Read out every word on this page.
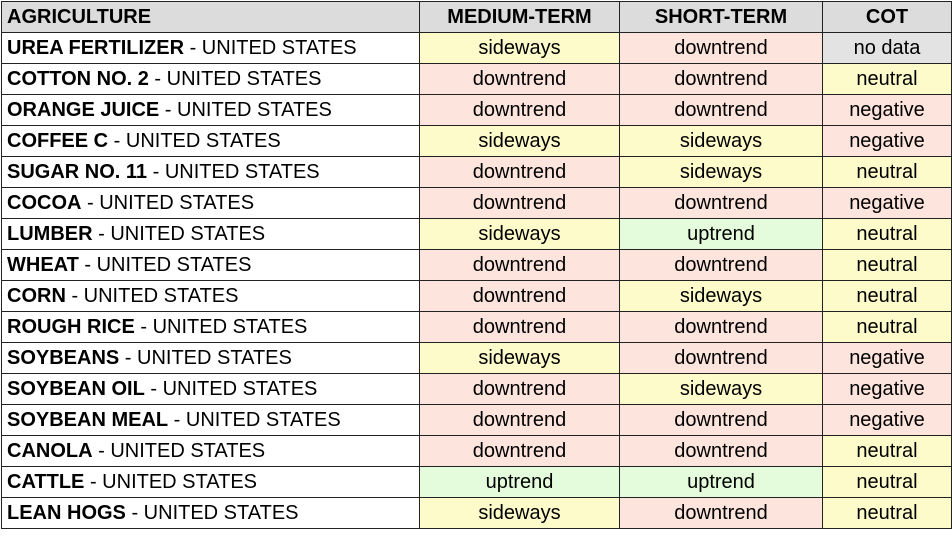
AGRICULTURE	MEDIUM-TERM	SHORT-TERM	COT
UREA FERTILIZER - UNITED STATES	sideways	downtrend	no data
COTTON NO. 2 - UNITED STATES	downtrend	downtrend	neutral
ORANGE JUICE - UNITED STATES	downtrend	downtrend	negative
COFFEE C - UNITED STATES	sideways	sideways	negative
SUGAR NO. 11 - UNITED STATES	downtrend	sideways	neutral
COCOA - UNITED STATES	downtrend	downtrend	negative
LUMBER - UNITED STATES	sideways	uptrend	neutral
WHEAT - UNITED STATES	downtrend	downtrend	neutral
CORN - UNITED STATES	downtrend	sideways	neutral
ROUGH RICE - UNITED STATES	downtrend	downtrend	neutral
SOYBEANS - UNITED STATES	sideways	downtrend	negative
SOYBEAN OIL - UNITED STATES	downtrend	sideways	negative
SOYBEAN MEAL - UNITED STATES	downtrend	downtrend	negative
CANOLA - UNITED STATES	downtrend	downtrend	neutral
CATTLE - UNITED STATES	uptrend	uptrend	neutral
LEAN HOGS - UNITED STATES	sideways	downtrend	neutral
